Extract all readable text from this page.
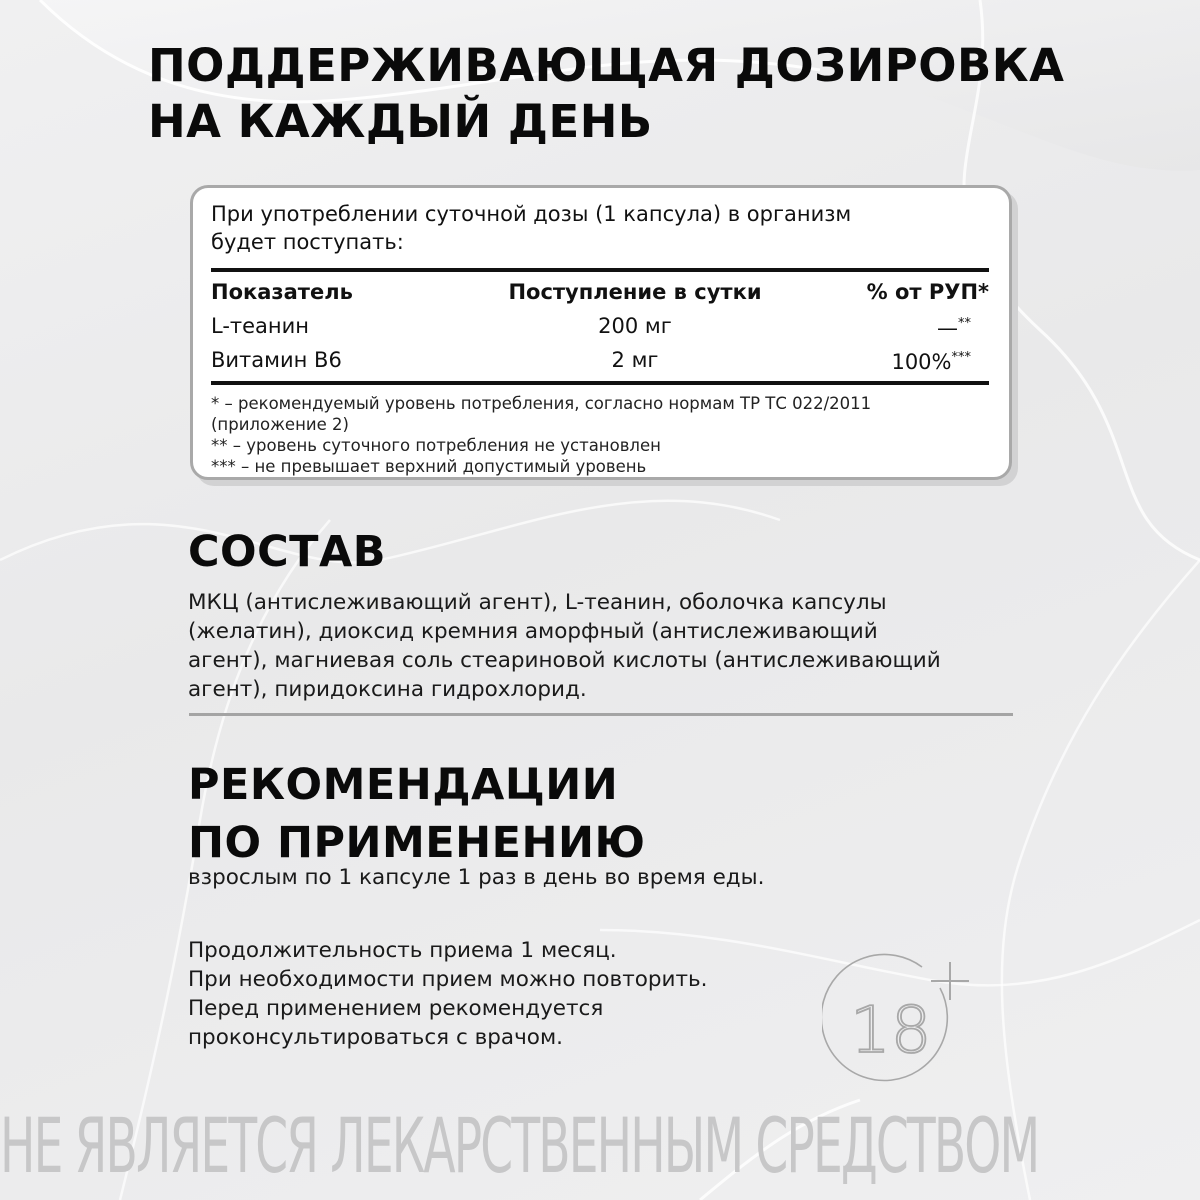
ПОДДЕРЖИВАЮЩАЯ ДОЗИРОВКА
НА КАЖДЫЙ ДЕНЬ
При употреблении суточной дозы (1 капсула) в организм
будет поступать:
Показатель	Поступление в сутки	% от РУП*
L-теанин	200 мг	—**
Витамин В6	2 мг	100%***
* – рекомендуемый уровень потребления, согласно нормам ТР ТС 022/2011
(приложение 2)
** – уровень суточного потребления не установлен
*** – не превышает верхний допустимый уровень
СОСТАВ
МКЦ (антислеживающий агент), L-теанин, оболочка капсулы
(желатин), диоксид кремния аморфный (антислеживающий
агент), магниевая соль стеариновой кислоты (антислеживающий
агент), пиридоксина гидрохлорид.
РЕКОМЕНДАЦИИ
ПО ПРИМЕНЕНИЮ
взрослым по 1 капсуле 1 раз в день во время еды.
Продолжительность приема 1 месяц.
При необходимости прием можно повторить.
Перед применением рекомендуется
проконсультироваться с врачом.	18
НЕ ЯВЛЯЕТСЯ ЛЕКАРСТВЕННЫМ СРЕДСТВОМ
